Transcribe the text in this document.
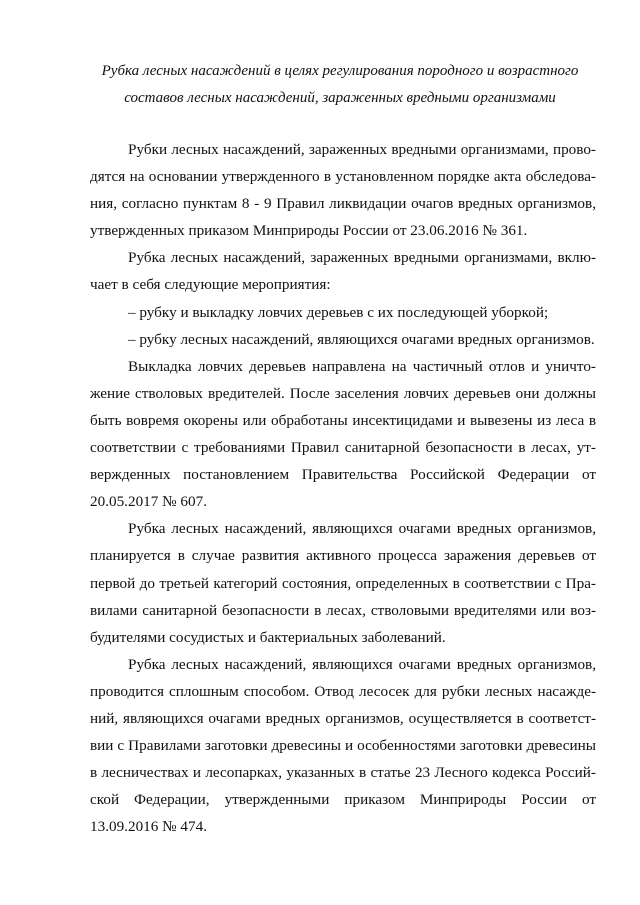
Рубка лесных насаждений в целях регулирования породного и возрастного
составов лесных насаждений, зараженных вредными организмами
Рубки лесных насаждений, зараженных вредными организмами, прово-
дятся на основании утвержденного в установленном порядке акта обследова-
ния, согласно пунктам 8 - 9 Правил ликвидации очагов вредных организмов,
утвержденных приказом Минприроды России от 23.06.2016 № 361.
Рубка лесных насаждений, зараженных вредными организмами, вклю-
чает в себя следующие мероприятия:
– рубку и выкладку ловчих деревьев с их последующей уборкой;
– рубку лесных насаждений, являющихся очагами вредных организмов.
Выкладка ловчих деревьев направлена на частичный отлов и уничто-
жение стволовых вредителей. После заселения ловчих деревьев они должны
быть вовремя окорены или обработаны инсектицидами и вывезены из леса в
соответствии с требованиями Правил санитарной безопасности в лесах, ут-
вержденных постановлением Правительства Российской Федерации от
20.05.2017 № 607.
Рубка лесных насаждений, являющихся очагами вредных организмов,
планируется в случае развития активного процесса заражения деревьев от
первой до третьей категорий состояния, определенных в соответствии с Пра-
вилами санитарной безопасности в лесах, стволовыми вредителями или воз-
будителями сосудистых и бактериальных заболеваний.
Рубка лесных насаждений, являющихся очагами вредных организмов,
проводится сплошным способом. Отвод лесосек для рубки лесных насажде-
ний, являющихся очагами вредных организмов, осуществляется в соответст-
вии с Правилами заготовки древесины и особенностями заготовки древесины
в лесничествах и лесопарках, указанных в статье 23 Лесного кодекса Россий-
ской Федерации, утвержденными приказом Минприроды России от
13.09.2016 № 474.
